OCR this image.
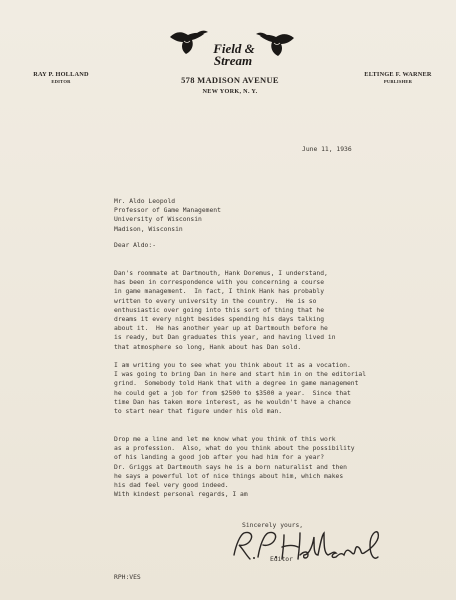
RAY P. HOLLAND
EDITOR
Field &
Stream
578 MADISON AVENUE
NEW YORK, N. Y.
ELTINGE F. WARNER
PUBLISHER
June 11, 1936
Mr. Aldo Leopold
Professor of Game Management
University of Wisconsin
Madison, Wisconsin
Dear Aldo:-
Dan's roommate at Dartmouth, Hank Doremus, I understand,
has been in correspondence with you concerning a course
in game management.  In fact, I think Hank has probably
written to every university in the country.  He is so
enthusiastic over going into this sort of thing that he
dreams it every night besides spending his days talking
about it.  He has another year up at Dartmouth before he
is ready, but Dan graduates this year, and having lived in
that atmosphere so long, Hank about has Dan sold.
I am writing you to see what you think about it as a vocation.
I was going to bring Dan in here and start him in on the editorial
grind.  Somebody told Hank that with a degree in game management
he could get a job for from $2500 to $3500 a year.  Since that
time Dan has taken more interest, as he wouldn't have a chance
to start near that figure under his old man.
Drop me a line and let me know what you think of this work
as a profession.  Also, what do you think about the possibility
of his landing a good job after you had him for a year?
Dr. Griggs at Dartmouth says he is a born naturalist and then
he says a powerful lot of nice things about him, which makes
his dad feel very good indeed.
With kindest personal regards, I am
Sincerely yours,
Editor
RPH:VES
